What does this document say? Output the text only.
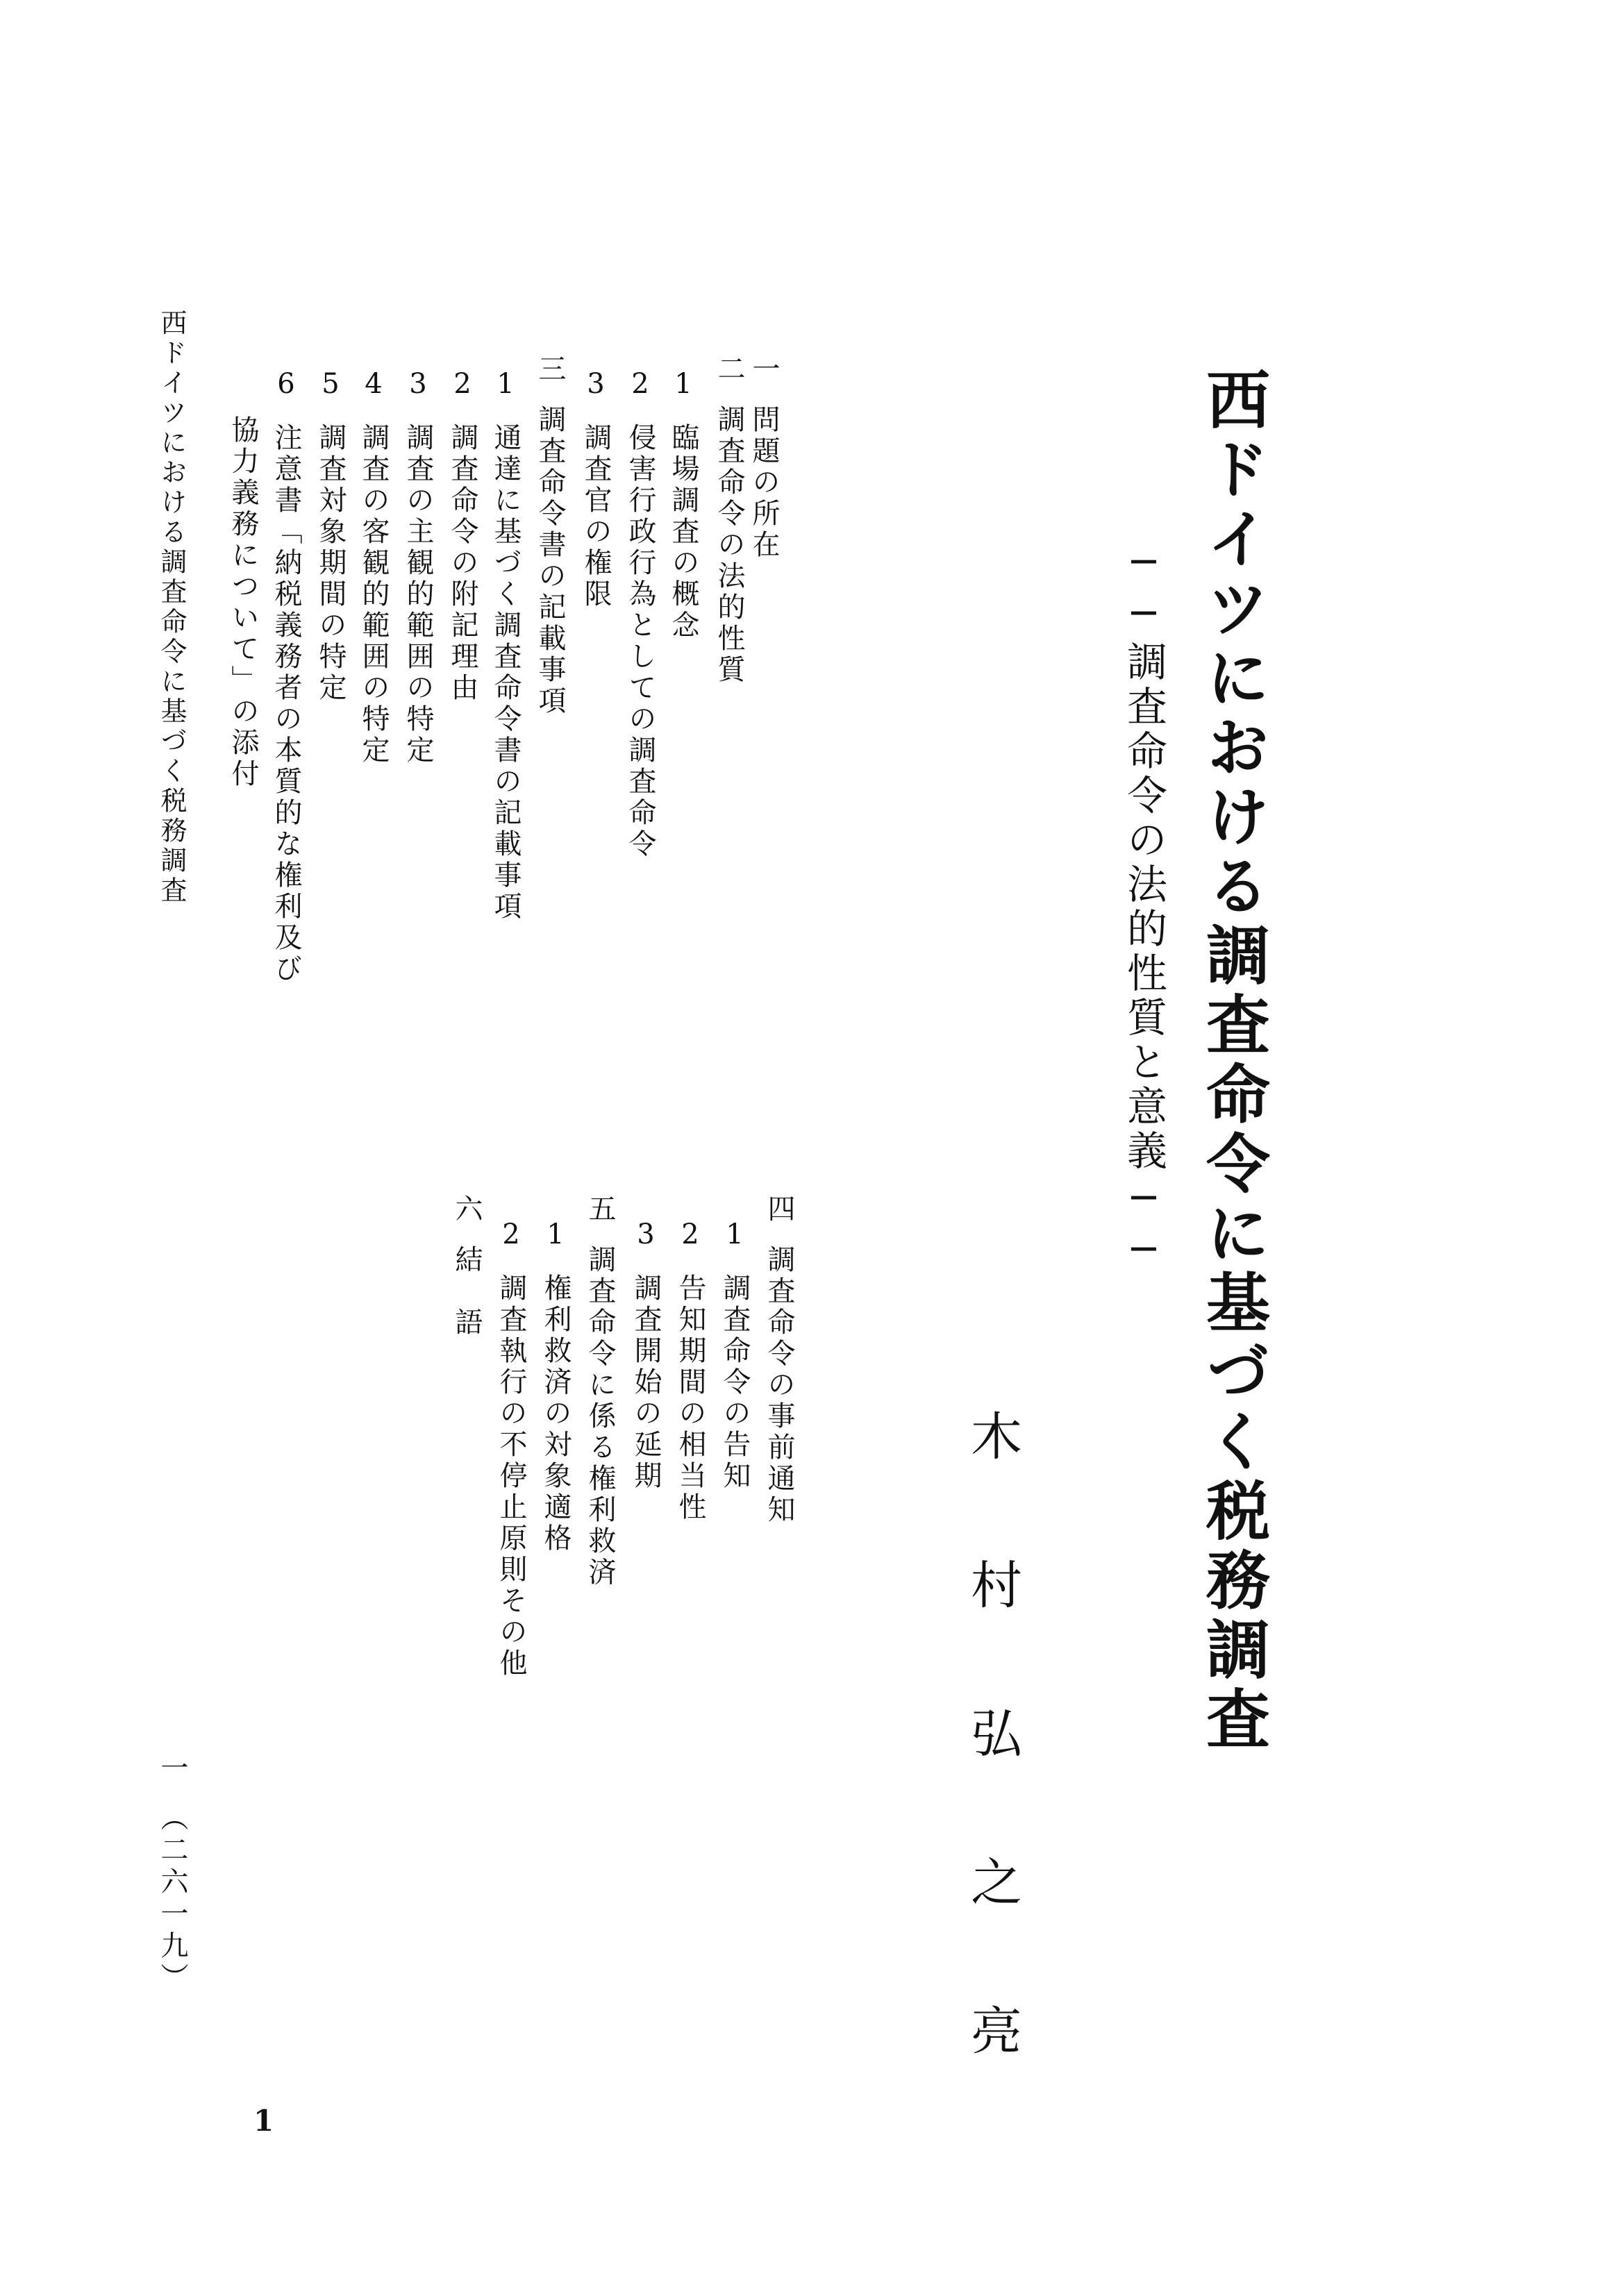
西ドイツにおける調査命令に基づく税務調査
──調査命令の法的性質と意義──
木村弘之亮
一問題の所在
二調査命令の法的性質
1臨場調査の概念
2侵害行政行為としての調査命令
3調査官の権限
三調査命令書の記載事項
1通達に基づく調査命令書の記載事項
2調査命令の附記理由
3調査の主観的範囲の特定
4調査の客観的範囲の特定
5調査対象期間の特定
6注意書「納税義務者の本質的な権利及び
協力義務について」の添付
四調査命令の事前通知
1調査命令の告知
2告知期間の相当性
3調査開始の延期
五調査命令に係る権利救済
1権利救済の対象適格
2調査執行の不停止原則その他
六結　語
西ドイツにおける調査命令に基づく税務調査
一　（二六一九）
1
